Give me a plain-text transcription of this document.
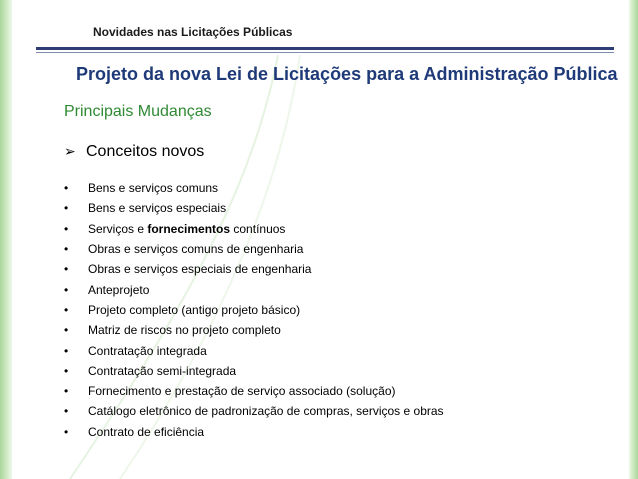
Novidades nas Licitações Públicas
Projeto da nova Lei de Licitações para a Administração Pública
Principais Mudanças
➢ Conceitos novos
•	Bens e serviços comuns
•	Bens e serviços especiais
•	Serviços e fornecimentos contínuos
•	Obras e serviços comuns de engenharia
•	Obras e serviços especiais de engenharia
•	Anteprojeto
•	Projeto completo (antigo projeto básico)
•	Matriz de riscos no projeto completo
•	Contratação integrada
•	Contratação semi-integrada
•	Fornecimento e prestação de serviço associado (solução)
•	Catálogo eletrônico de padronização de compras, serviços e obras
•	Contrato de eficiência
